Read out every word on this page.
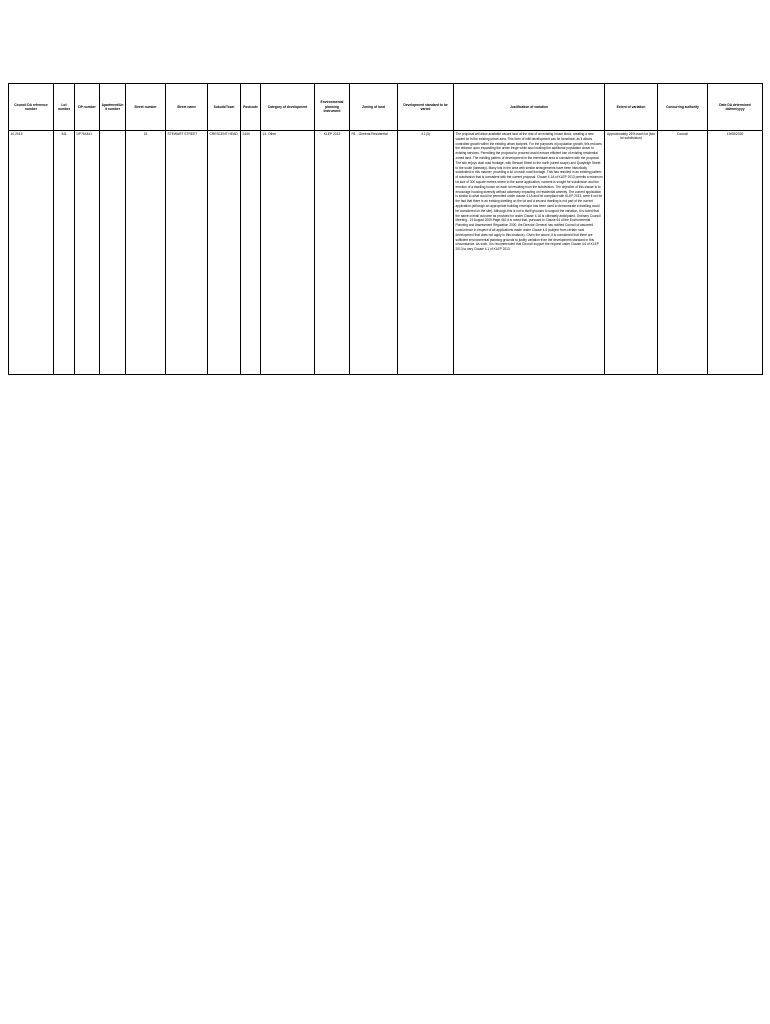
Council DA reference number	Lot number	DP number	Apartment/Unit number	Street number	Street name	Suburb/Town	Postcode	Category of development	Environmental planning instrument	Zoning of land	Development standard to be varied	Justification of variation	Extent of variation	Concurring authority	Date DA determined dd/mm/yyyy
10.2015	341	DP754441		15	STEWART STREET	CRESCENT HEAD	2440	14. Other	KLEP 2013	R1 - General Residential	4.1(3)	The proposal will allow available vacant land at the rear of an existing house block, creating a new vacant lot in the existing urban area. This form of infill development can be beneficial, as it allows controlled growth within the existing urban footprint. For the purposes of population growth, this reduces the reliance upon expanding the urban fringe while also locating the additional population closer to existing services. Permitting the proposal to proceed would ensure efficient use of existing residential zoned land. The existing pattern of development in the immediate area is consistent with the proposal. The site enjoys dual road frontage, with Stewart Street to the north (street scape) and Quayleigh Street to the south (laneway). Many lots in the area with similar arrangements have been historically subdivided in this manner, providing a lot on each road frontage. This has resulted in an existing pattern of subdivision that is consistent with the current proposal. Clause 4.1A of KLEP 2013 permits a minimum lot size of 300 square metres where in the same application, consent is sought for subdivision and the erection of a dwelling house on each lot resulting from the subdivision. The objective of this clause is to encourage housing diversity without adversely impacting on residential amenity. The current application is similar to what could be permitted under clause 4.1A and be compliant with KLEP 2013, were it not for the fact that there is an existing dwelling on the lot and a second dwelling is not part of the current application (although an appropriate building envelope has been used to demonstrate a dwelling could be considered on the site). Although this is not in itself grounds to support the variation, it is noted that the same overall outcome as provided for under Clause 4.1A is ultimately anticipated. Ordinary Council Meeting - 19 August 2009 Page 461 it is noted that, pursuant to Clause 64 of the Environmental Planning and Assessment Regulation 2000, the Director-General has notified Council of assumed concurrence in respect of all applications made under Clause 4.6 (subject from certain rural development that does not apply in this instance). Given the above, it is considered that there are sufficient environmental planning grounds to justify variation from the development standard in this circumstance. As such, it is recommended that Council support the request under Clause 4.6 of KLEP 2013 to vary Clause 4.1 of KLEP 2013.	Approximately 26% each lot (two lot subdivision)	Council	19/08/2020
